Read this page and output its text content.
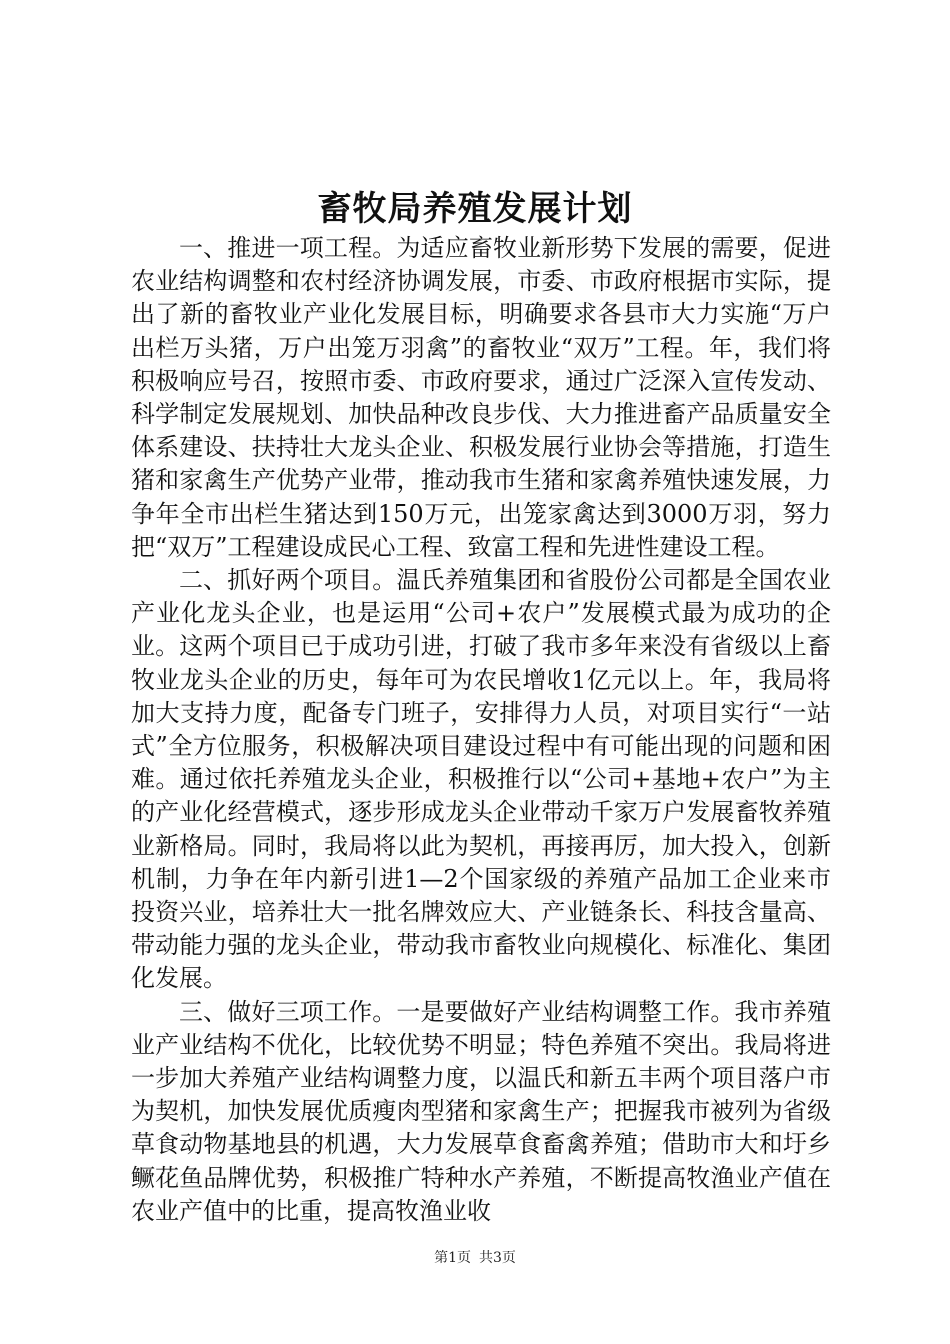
畜牧局养殖发展计划

一、推进一项工程。为适应畜牧业新形势下发展的需要，促进农业结构调整和农村经济协调发展，市委、市政府根据市实际，提出了新的畜牧业产业化发展目标，明确要求各县市大力实施“万户出栏万头猪，万户出笼万羽禽”的畜牧业“双万”工程。年，我们将积极响应号召，按照市委、市政府要求，通过广泛深入宣传发动、科学制定发展规划、加快品种改良步伐、大力推进畜产品质量安全体系建设、扶持壮大龙头企业、积极发展行业协会等措施，打造生猪和家禽生产优势产业带，推动我市生猪和家禽养殖快速发展，力争年全市出栏生猪达到150万元，出笼家禽达到3000万羽，努力把“双万”工程建设成民心工程、致富工程和先进性建设工程。

二、抓好两个项目。温氏养殖集团和省股份公司都是全国农业产业化龙头企业，也是运用“公司+农户”发展模式最为成功的企业。这两个项目已于成功引进，打破了我市多年来没有省级以上畜牧业龙头企业的历史，每年可为农民增收1亿元以上。年，我局将加大支持力度，配备专门班子，安排得力人员，对项目实行“一站式”全方位服务，积极解决项目建设过程中有可能出现的问题和困难。通过依托养殖龙头企业，积极推行以“公司+基地+农户”为主的产业化经营模式，逐步形成龙头企业带动千家万户发展畜牧养殖业新格局。同时，我局将以此为契机，再接再厉，加大投入，创新机制，力争在年内新引进1—2个国家级的养殖产品加工企业来市投资兴业，培养壮大一批名牌效应大、产业链条长、科技含量高、带动能力强的龙头企业，带动我市畜牧业向规模化、标准化、集团化发展。

三、做好三项工作。一是要做好产业结构调整工作。我市养殖业产业结构不优化，比较优势不明显；特色养殖不突出。我局将进一步加大养殖产业结构调整力度，以温氏和新五丰两个项目落户市为契机，加快发展优质瘦肉型猪和家禽生产；把握我市被列为省级草食动物基地县的机遇，大力发展草食畜禽养殖；借助市大和圩乡鳜花鱼品牌优势，积极推广特种水产养殖，不断提高牧渔业产值在农业产值中的比重，提高牧渔业收

第1页 共3页
